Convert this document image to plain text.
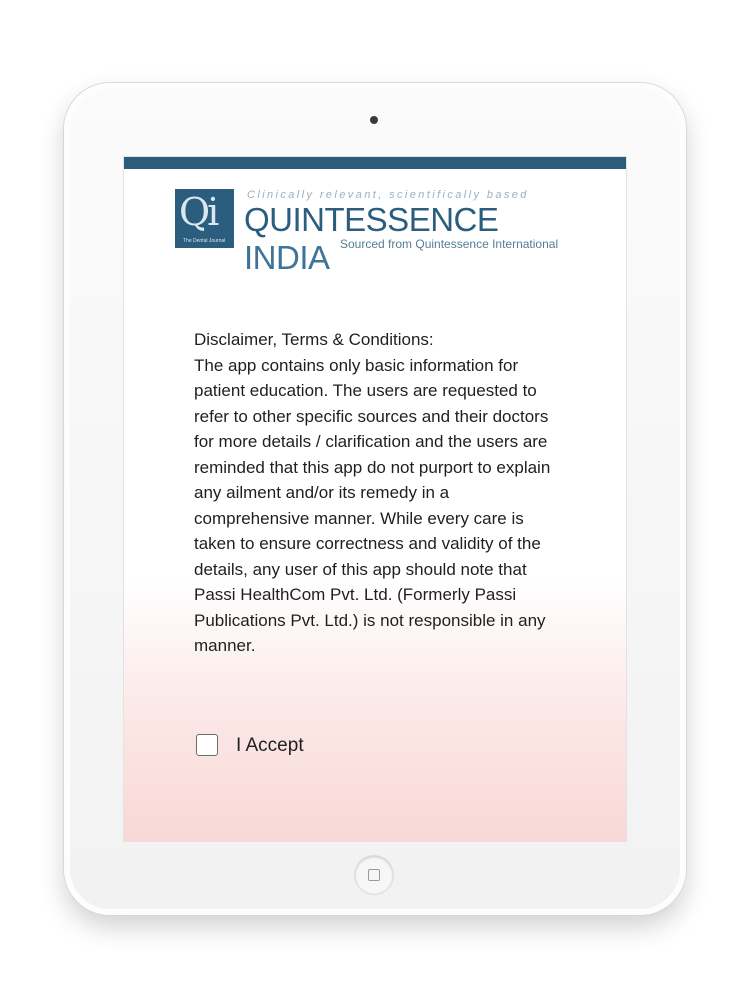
Qi
The Dental Journal
Clinically relevant, scientifically based
QUINTESSENCE INDIA Sourced from Quintessence International
Disclaimer, Terms & Conditions:
The app contains only basic information for patient education. The users are requested to refer to other specific sources and their doctors for more details / clarification and the users are reminded that this app do not purport to explain any ailment and/or its remedy in a comprehensive manner. While every care is taken to ensure correctness and validity of the details, any user of this app should note that Passi HealthCom Pvt. Ltd. (Formerly Passi Publications Pvt. Ltd.) is not responsible in any manner.
I Accept
